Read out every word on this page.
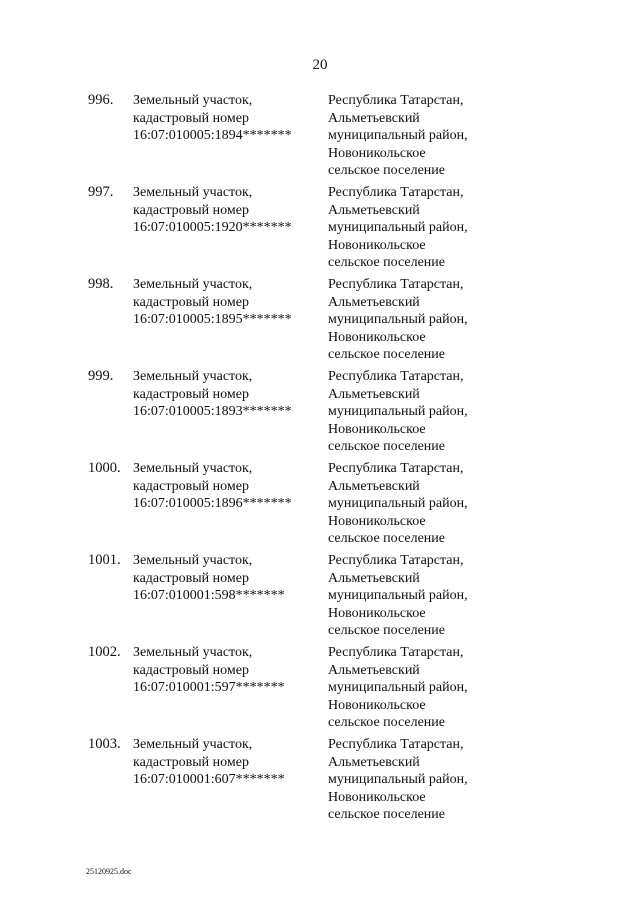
20
996. Земельный участок,
кадастровый номер
16:07:010005:1894*******
Республика Татарстан,
Альметьевский
муниципальный район,
Новоникольское
сельское поселение
997. Земельный участок,
кадастровый номер
16:07:010005:1920*******
Республика Татарстан,
Альметьевский
муниципальный район,
Новоникольское
сельское поселение
998. Земельный участок,
кадастровый номер
16:07:010005:1895*******
Республика Татарстан,
Альметьевский
муниципальный район,
Новоникольское
сельское поселение
999. Земельный участок,
кадастровый номер
16:07:010005:1893*******
Республика Татарстан,
Альметьевский
муниципальный район,
Новоникольское
сельское поселение
1000. Земельный участок,
кадастровый номер
16:07:010005:1896*******
Республика Татарстан,
Альметьевский
муниципальный район,
Новоникольское
сельское поселение
1001. Земельный участок,
кадастровый номер
16:07:010001:598*******
Республика Татарстан,
Альметьевский
муниципальный район,
Новоникольское
сельское поселение
1002. Земельный участок,
кадастровый номер
16:07:010001:597*******
Республика Татарстан,
Альметьевский
муниципальный район,
Новоникольское
сельское поселение
1003. Земельный участок,
кадастровый номер
16:07:010001:607*******
Республика Татарстан,
Альметьевский
муниципальный район,
Новоникольское
сельское поселение
25120925.doc
